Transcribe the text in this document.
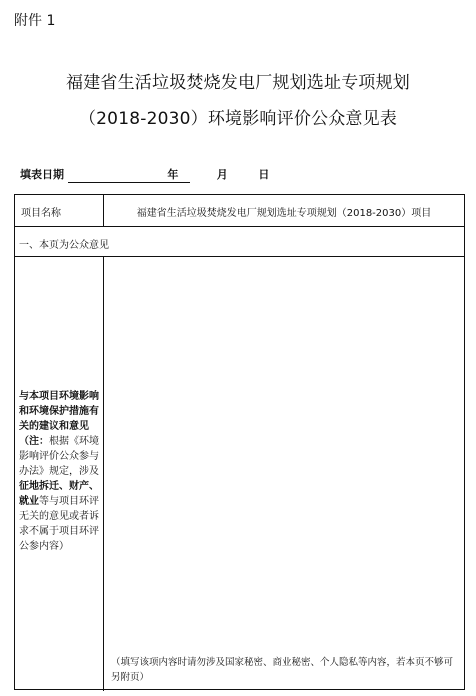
附件 1
福建省生活垃圾焚烧发电厂规划选址专项规划
（2018-2030）环境影响评价公众意见表
填表日期	年	月	日
项目名称	福建省生活垃圾焚烧发电厂规划选址专项规划（2018-2030）项目
一、本页为公众意见
与本项目环境影响和环境保护措施有关的建议和意见（注：根据《环境影响评价公众参与办法》规定，涉及征地拆迁、财产、就业等与项目环评无关的意见或者诉求不属于项目环评公参内容）
（填写该项内容时请勿涉及国家秘密、商业秘密、个人隐私等内容，若本页不够可另附页）
